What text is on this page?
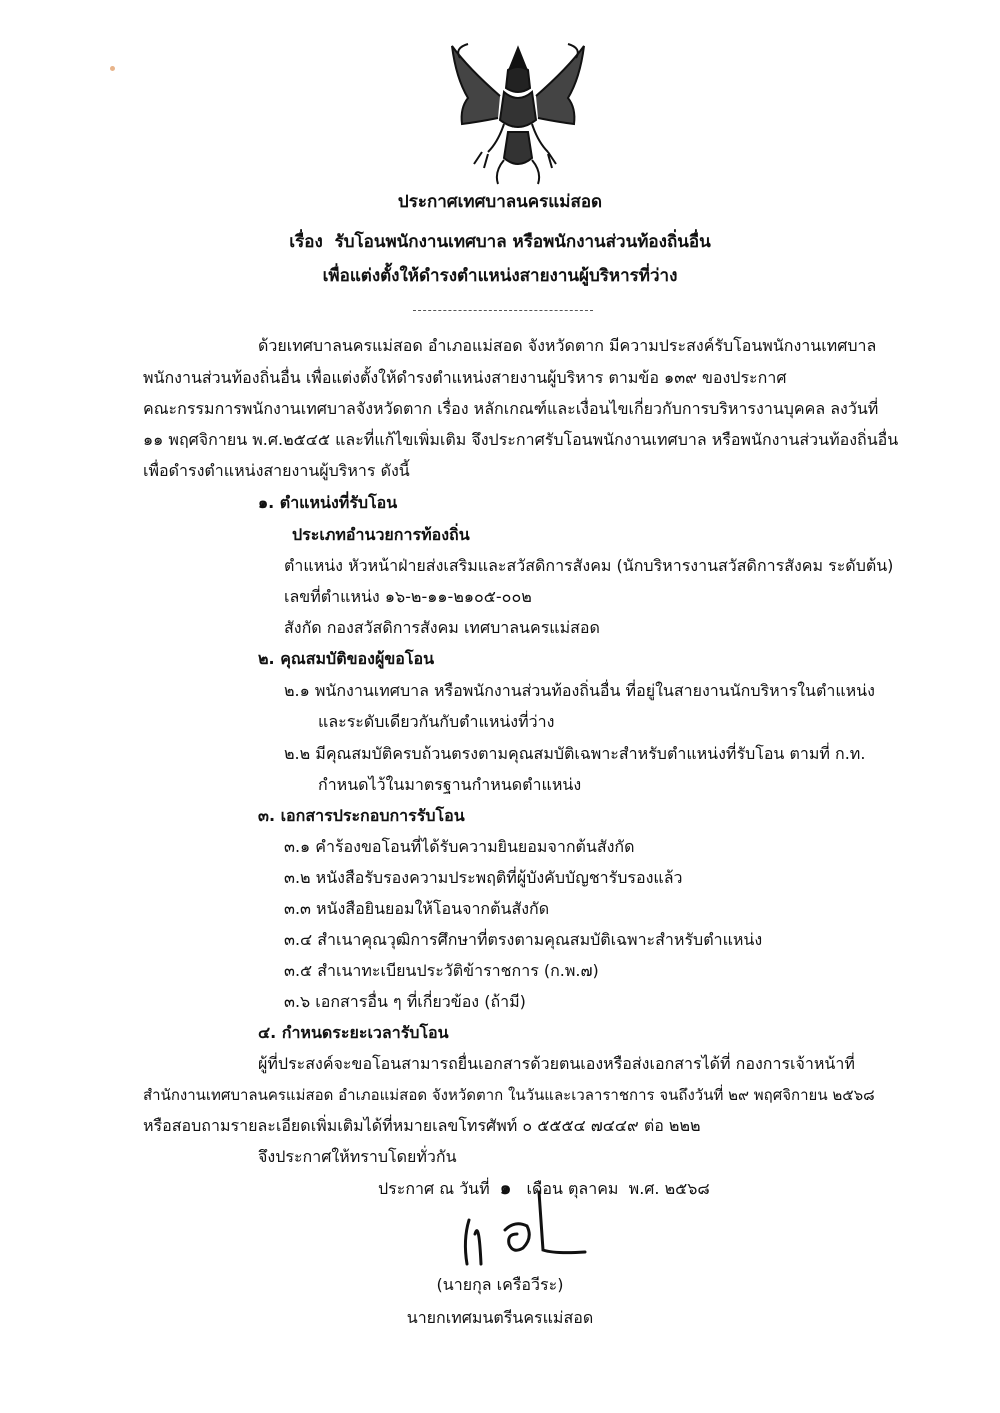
ประกาศเทศบาลนครแม่สอด
เรื่อง รับโอนพนักงานเทศบาล หรือพนักงานส่วนท้องถิ่นอื่น
เพื่อแต่งตั้งให้ดำรงตำแหน่งสายงานผู้บริหารที่ว่าง
ด้วยเทศบาลนครแม่สอด อำเภอแม่สอด จังหวัดตาก มีความประสงค์รับโอนพนักงานเทศบาล
พนักงานส่วนท้องถิ่นอื่น เพื่อแต่งตั้งให้ดำรงตำแหน่งสายงานผู้บริหาร ตามข้อ ๑๓๙ ของประกาศ
คณะกรรมการพนักงานเทศบาลจังหวัดตาก เรื่อง หลักเกณฑ์และเงื่อนไขเกี่ยวกับการบริหารงานบุคคล ลงวันที่
๑๑ พฤศจิกายน พ.ศ.๒๕๔๕ และที่แก้ไขเพิ่มเติม จึงประกาศรับโอนพนักงานเทศบาล หรือพนักงานส่วนท้องถิ่นอื่น
เพื่อดำรงตำแหน่งสายงานผู้บริหาร ดังนี้
๑. ตำแหน่งที่รับโอน
ประเภทอำนวยการท้องถิ่น
ตำแหน่ง หัวหน้าฝ่ายส่งเสริมและสวัสดิการสังคม (นักบริหารงานสวัสดิการสังคม ระดับต้น)
เลขที่ตำแหน่ง ๑๖-๒-๑๑-๒๑๐๕-๐๐๒
สังกัด กองสวัสดิการสังคม เทศบาลนครแม่สอด
๒. คุณสมบัติของผู้ขอโอน
๒.๑ พนักงานเทศบาล หรือพนักงานส่วนท้องถิ่นอื่น ที่อยู่ในสายงานนักบริหารในตำแหน่ง
และระดับเดียวกันกับตำแหน่งที่ว่าง
๒.๒ มีคุณสมบัติครบถ้วนตรงตามคุณสมบัติเฉพาะสำหรับตำแหน่งที่รับโอน ตามที่ ก.ท.
กำหนดไว้ในมาตรฐานกำหนดตำแหน่ง
๓. เอกสารประกอบการรับโอน
๓.๑ คำร้องขอโอนที่ได้รับความยินยอมจากต้นสังกัด
๓.๒ หนังสือรับรองความประพฤติที่ผู้บังคับบัญชารับรองแล้ว
๓.๓ หนังสือยินยอมให้โอนจากต้นสังกัด
๓.๔ สำเนาคุณวุฒิการศึกษาที่ตรงตามคุณสมบัติเฉพาะสำหรับตำแหน่ง
๓.๕ สำเนาทะเบียนประวัติข้าราชการ (ก.พ.๗)
๓.๖ เอกสารอื่น ๆ ที่เกี่ยวข้อง (ถ้ามี)
๔. กำหนดระยะเวลารับโอน
ผู้ที่ประสงค์จะขอโอนสามารถยื่นเอกสารด้วยตนเองหรือส่งเอกสารได้ที่ กองการเจ้าหน้าที่
สำนักงานเทศบาลนครแม่สอด อำเภอแม่สอด จังหวัดตาก ในวันและเวลาราชการ จนถึงวันที่ ๒๙ พฤศจิกายน ๒๕๖๘
หรือสอบถามรายละเอียดเพิ่มเติมได้ที่หมายเลขโทรศัพท์ ๐ ๕๕๕๔ ๗๔๔๙ ต่อ ๒๒๒
จึงประกาศให้ทราบโดยทั่วกัน
ประกาศ ณ วันที่ ๑ เดือน ตุลาคม พ.ศ. ๒๕๖๘
(นายกุล เครือวีระ)
นายกเทศมนตรีนครแม่สอด
